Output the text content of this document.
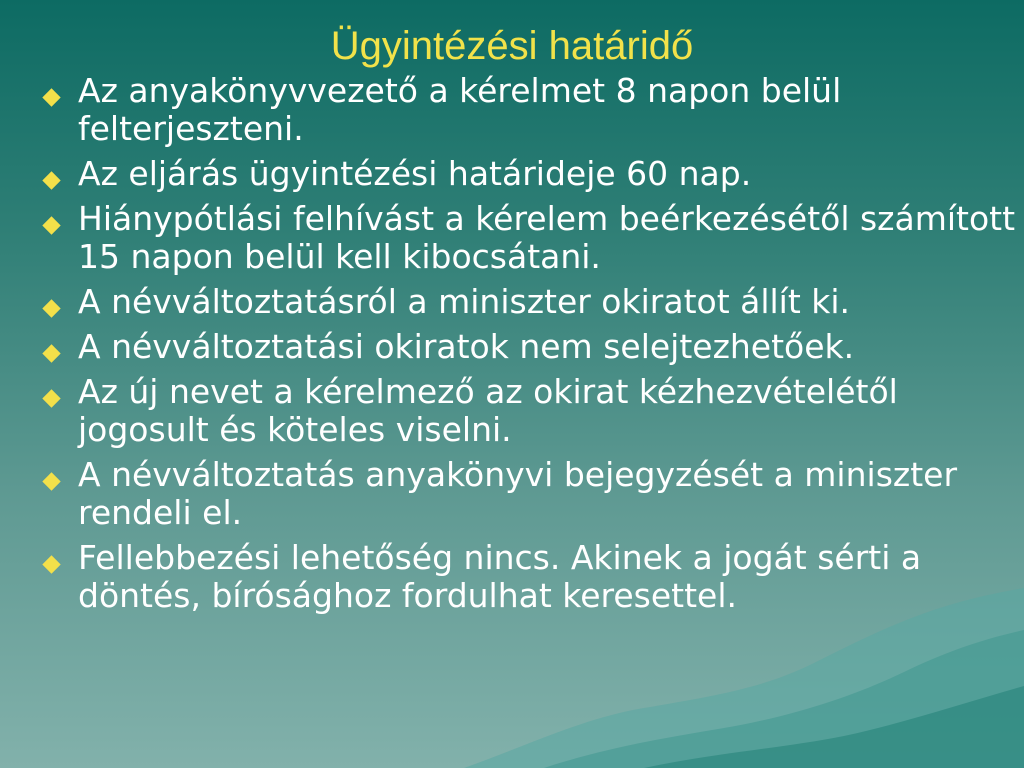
Ügyintézési határidő
Az anyakönyvvezető a kérelmet 8 napon belül felterjeszteni.
Az eljárás ügyintézési határideje 60 nap.
Hiánypótlási felhívást a kérelem beérkezésétől számított 15 napon belül kell kibocsátani.
A névváltoztatásról a miniszter okiratot állít ki.
A névváltoztatási okiratok nem selejtezhetőek.
Az új nevet a kérelmező az okirat kézhezvételétől jogosult és köteles viselni.
A névváltoztatás anyakönyvi bejegyzését a miniszter rendeli el.
Fellebbezési lehetőség nincs. Akinek a jogát sérti a döntés, bírósághoz fordulhat keresettel.
